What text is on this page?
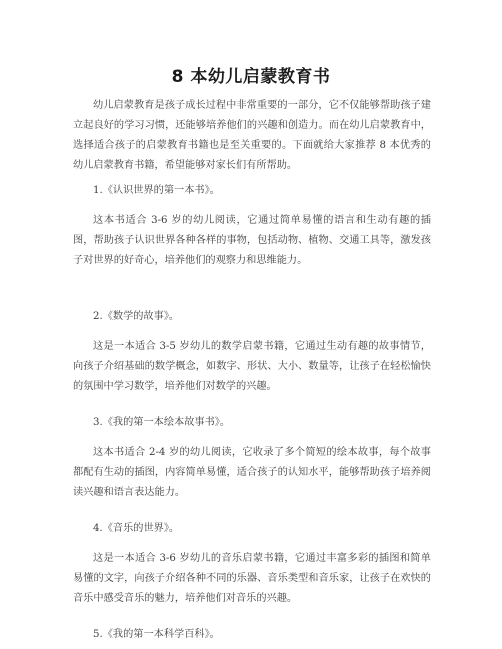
8 本幼儿启蒙教育书

幼儿启蒙教育是孩子成长过程中非常重要的一部分，它不仅能够帮助孩子建立起良好的学习习惯，还能够培养他们的兴趣和创造力。而在幼儿启蒙教育中，选择适合孩子的启蒙教育书籍也是至关重要的。下面就给大家推荐 8 本优秀的幼儿启蒙教育书籍，希望能够对家长们有所帮助。

1.《认识世界的第一本书》。

这本书适合 3-6 岁的幼儿阅读，它通过简单易懂的语言和生动有趣的插图，帮助孩子认识世界各种各样的事物，包括动物、植物、交通工具等，激发孩子对世界的好奇心，培养他们的观察力和思维能力。

2.《数学的故事》。

这是一本适合 3-5 岁幼儿的数学启蒙书籍，它通过生动有趣的故事情节，向孩子介绍基础的数学概念，如数字、形状、大小、数量等，让孩子在轻松愉快的氛围中学习数学，培养他们对数学的兴趣。

3.《我的第一本绘本故事书》。

这本书适合 2-4 岁的幼儿阅读，它收录了多个简短的绘本故事，每个故事都配有生动的插图，内容简单易懂，适合孩子的认知水平，能够帮助孩子培养阅读兴趣和语言表达能力。

4.《音乐的世界》。

这是一本适合 3-6 岁幼儿的音乐启蒙书籍，它通过丰富多彩的插图和简单易懂的文字，向孩子介绍各种不同的乐器、音乐类型和音乐家，让孩子在欢快的音乐中感受音乐的魅力，培养他们对音乐的兴趣。

5.《我的第一本科学百科》。
